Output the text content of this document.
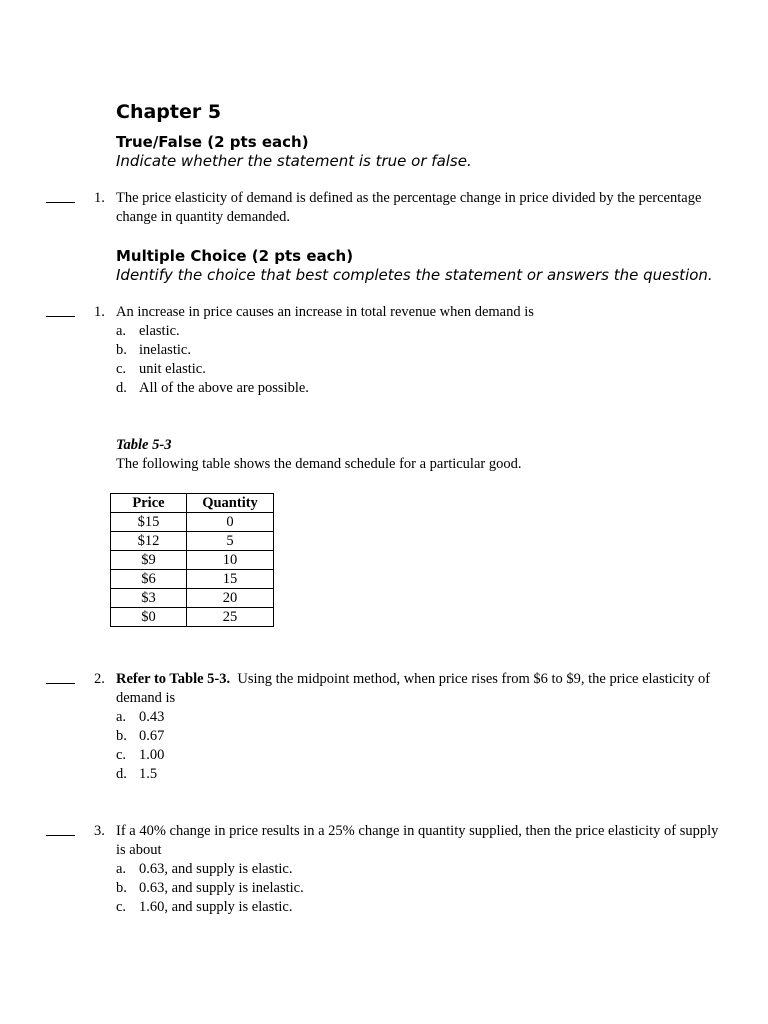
Chapter 5
True/False (2 pts each)
Indicate whether the statement is true or false.
1. The price elasticity of demand is defined as the percentage change in price divided by the percentage change in quantity demanded.
Multiple Choice (2 pts each)
Identify the choice that best completes the statement or answers the question.
1. An increase in price causes an increase in total revenue when demand is
a. elastic.
b. inelastic.
c. unit elastic.
d. All of the above are possible.
Table 5-3
The following table shows the demand schedule for a particular good.
Price	Quantity
$15	0
$12	5
$9	10
$6	15
$3	20
$0	25
2. Refer to Table 5-3. Using the midpoint method, when price rises from $6 to $9, the price elasticity of demand is
a. 0.43
b. 0.67
c. 1.00
d. 1.5
3. If a 40% change in price results in a 25% change in quantity supplied, then the price elasticity of supply is about
a. 0.63, and supply is elastic.
b. 0.63, and supply is inelastic.
c. 1.60, and supply is elastic.
